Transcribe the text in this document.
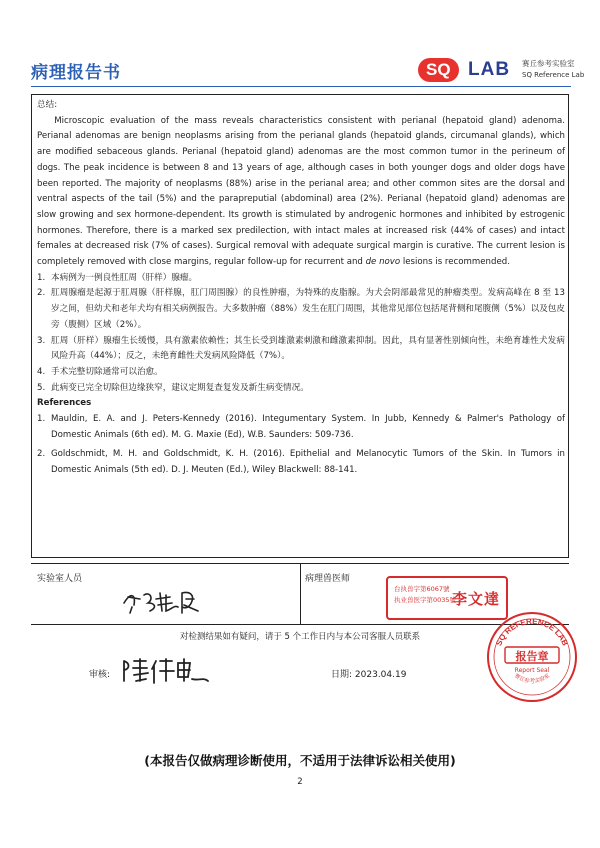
病理报告书	SQ LAB 赛丘参考实验室
SQ Reference Lab

总结:

Microscopic evaluation of the mass reveals characteristics consistent with perianal (hepatoid gland) adenoma. Perianal adenomas are benign neoplasms arising from the perianal glands (hepatoid glands, circumanal glands), which are modified sebaceous glands. Perianal (hepatoid gland) adenomas are the most common tumor in the perineum of dogs. The peak incidence is between 8 and 13 years of age, although cases in both younger dogs and older dogs have been reported. The majority of neoplasms (88%) arise in the perianal area; and other common sites are the dorsal and ventral aspects of the tail (5%) and the parapreputial (abdominal) area (2%). Perianal (hepatoid gland) adenomas are slow growing and sex hormone-dependent. Its growth is stimulated by androgenic hormones and inhibited by estrogenic hormones. Therefore, there is a marked sex predilection, with intact males at increased risk (44% of cases) and intact females at decreased risk (7% of cases). Surgical removal with adequate surgical margin is curative. The current lesion is completely removed with close margins, regular follow-up for recurrent and de novo lesions is recommended.

1. 本病例为一例良性肛周（肝样）腺瘤。
2. 肛周腺瘤是起源于肛周腺（肝样腺，肛门周围腺）的良性肿瘤，为特殊的皮脂腺。为犬会阴部最常见的肿瘤类型。发病高峰在 8 至 13 岁之间，但幼犬和老年犬均有相关病例报告。大多数肿瘤（88%）发生在肛门周围，其他常见部位包括尾背侧和尾腹侧（5%）以及包皮旁（腹侧）区域（2%）。
3. 肛周（肝样）腺瘤生长缓慢，具有激素依赖性；其生长受到雄激素刺激和雌激素抑制。因此，具有显著性别倾向性，未绝育雄性犬发病风险升高（44%）；反之，未绝育雌性犬发病风险降低（7%）。
4. 手术完整切除通常可以治愈。
5. 此病变已完全切除但边缘狭窄，建议定期复查复发及新生病变情况。

References

1. Mauldin, E. A. and J. Peters-Kennedy (2016). Integumentary System. In Jubb, Kennedy & Palmer's Pathology of Domestic Animals (6th ed). M. G. Maxie (Ed), W.B. Saunders: 509-736.
2. Goldschmidt, M. H. and Goldschmidt, K. H. (2016). Epithelial and Melanocytic Tumors of the Skin. In Tumors in Domestic Animals (5th ed). D. J. Meuten (Ed.), Wiley Blackwell: 88-141.
实验室人员	病理兽医师
台执兽字第6067號
执业兽医字第0035號
李文達
对检测结果如有疑问，请于 5 个工作日内与本公司客服人员联系
审核:	日期: 2023.04.19
SQ REFERENCE LAB
报告章
Report Seal
赛丘参考实验室
(本报告仅做病理诊断使用，不适用于法律诉讼相关使用)
2
